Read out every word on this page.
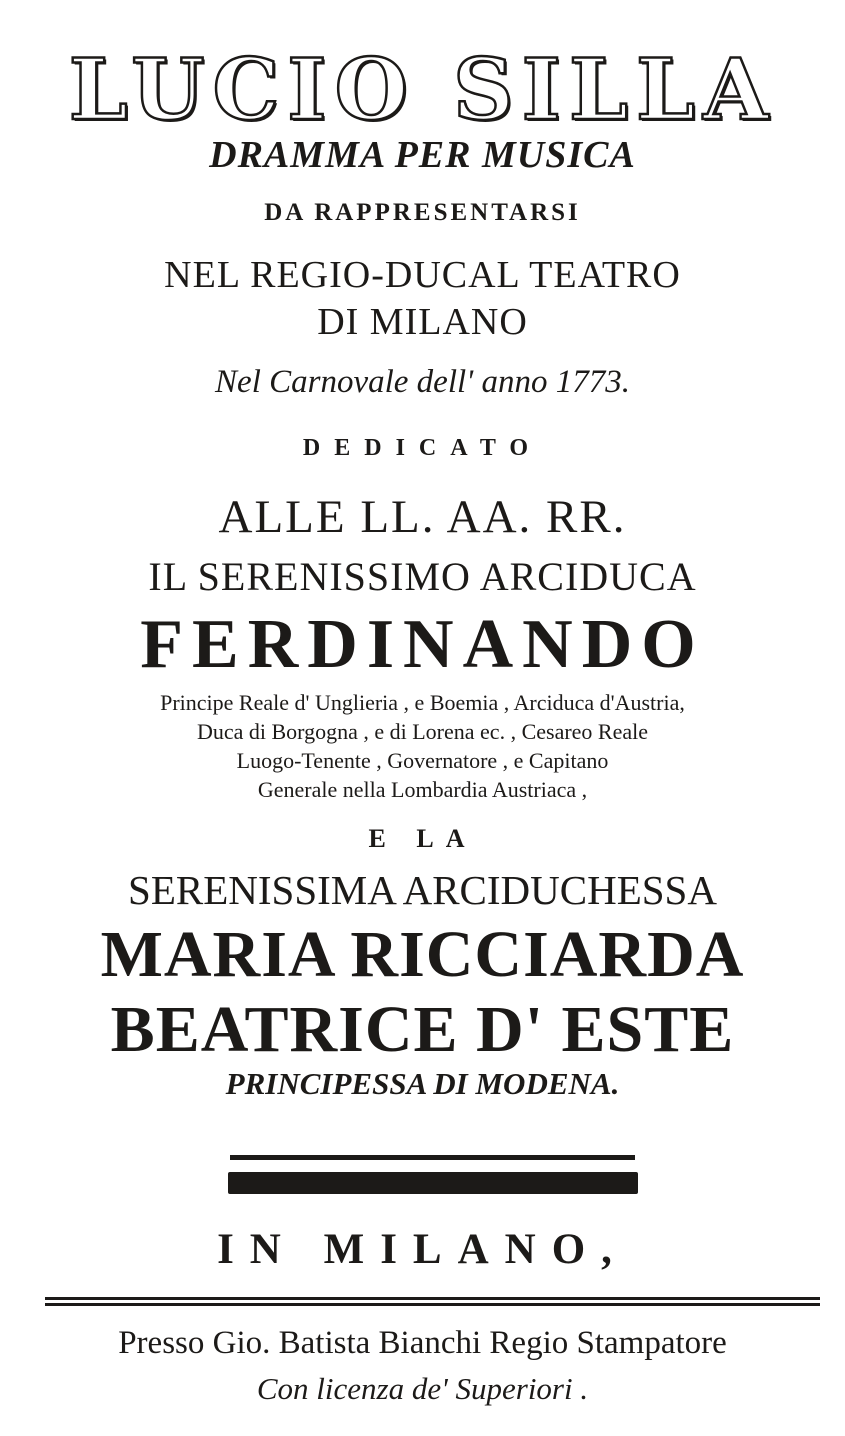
LUCIO SILLA
DRAMMA PER MUSICA
DA RAPPRESENTARSI
NEL REGIO-DUCAL TEATRO
DI MILANO
Nel Carnovale dell' anno 1773.
DEDICATO
ALLE LL. AA. RR.
IL SERENISSIMO ARCIDUCA
FERDINANDO
Principe Reale d' Unglieria , e Boemia , Arciduca d'Austria,
Duca di Borgogna , e di Lorena ec. , Cesareo Reale
Luogo-Tenente , Governatore , e Capitano
Generale nella Lombardia Austriaca ,
E LA
SERENISSIMA ARCIDUCHESSA
MARIA RICCIARDA
BEATRICE D' ESTE
PRINCIPESSA DI MODENA.
IN MILANO,
Presso Gio. Batista Bianchi Regio Stampatore
Con licenza de' Superiori .
